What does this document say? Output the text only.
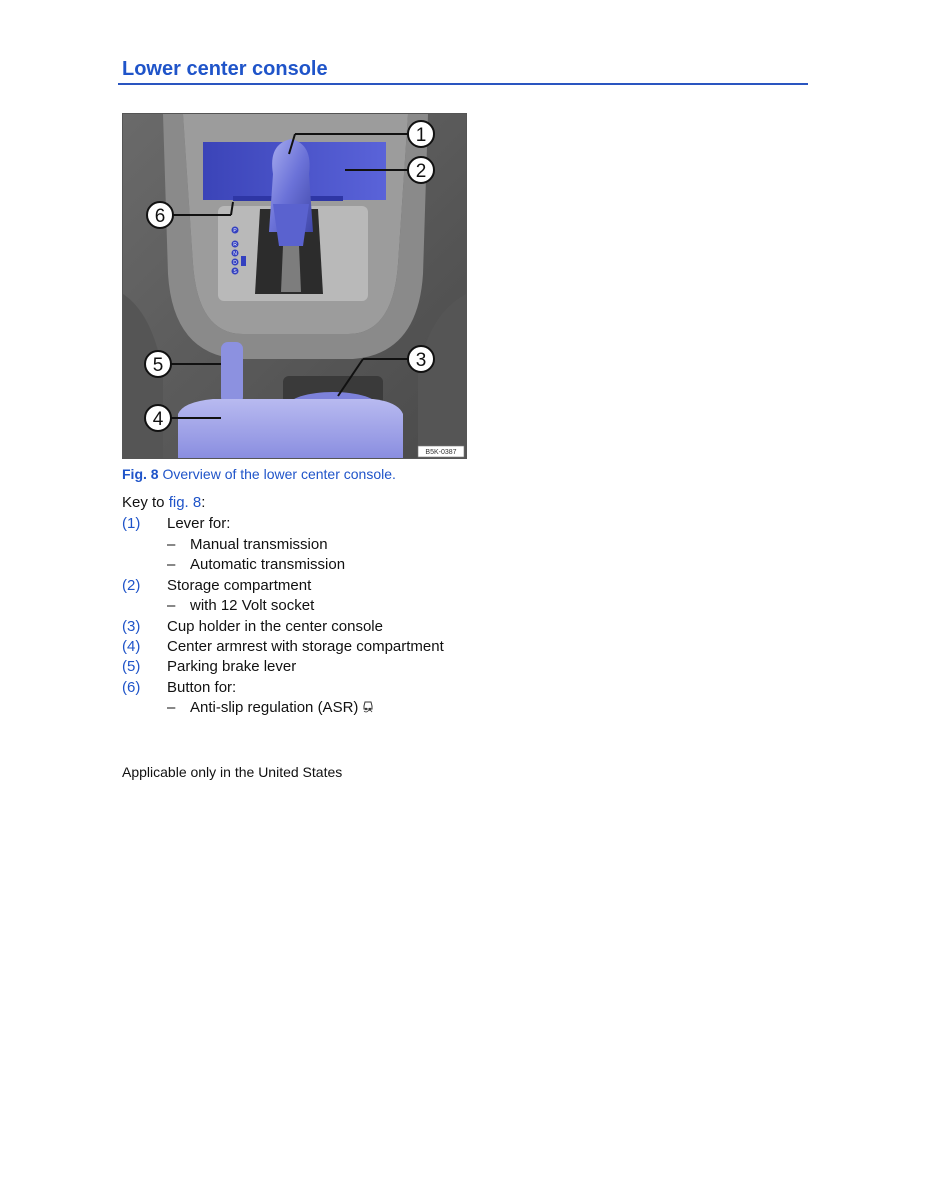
Lower center console
1
2
3
4
5
6
P
R
N
D
S
B5K-0387
Fig. 8 Overview of the lower center console.
Key to fig. 8:
(1) Lever for:
– Manual transmission
– Automatic transmission
(2) Storage compartment
– with 12 Volt socket
(3) Cup holder in the center console
(4) Center armrest with storage compartment
(5) Parking brake lever
(6) Button for:
– Anti-slip regulation (ASR)
Applicable only in the United States
